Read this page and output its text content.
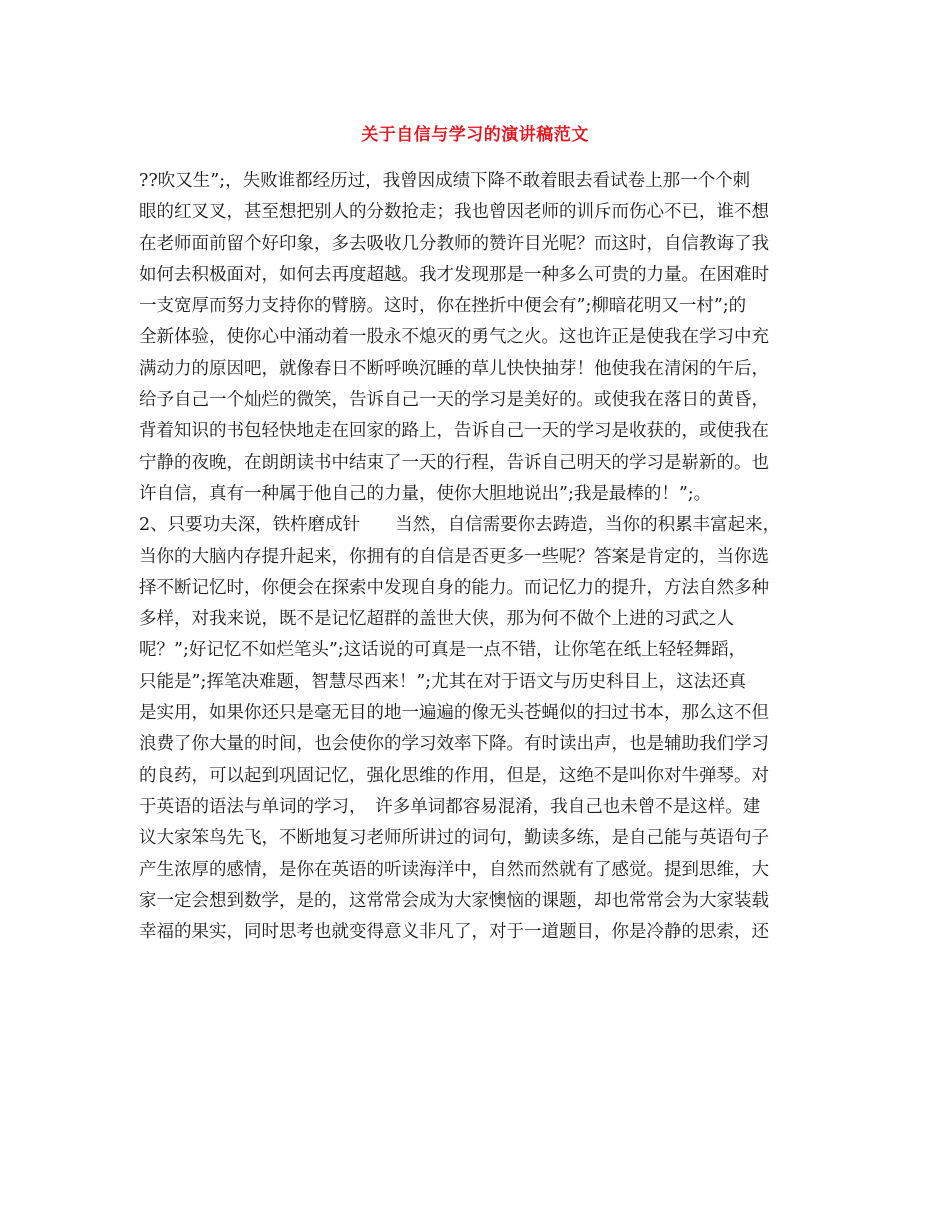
关于自信与学习的演讲稿范文
??吹又生”;，失败谁都经历过，我曾因成绩下降不敢着眼去看试卷上那一个个刺
眼的红叉叉，甚至想把别人的分数抢走；我也曾因老师的训斥而伤心不已，谁不想
在老师面前留个好印象，多去吸收几分教师的赞许目光呢？而这时，自信教诲了我
如何去积极面对，如何去再度超越。我才发现那是一种多么可贵的力量。在困难时
一支宽厚而努力支持你的臂膀。这时，你在挫折中便会有”;柳暗花明又一村”;的
全新体验，使你心中涌动着一股永不熄灭的勇气之火。这也许正是使我在学习中充
满动力的原因吧，就像春日不断呼唤沉睡的草儿快快抽芽！他使我在清闲的午后，
给予自己一个灿烂的微笑，告诉自己一天的学习是美好的。或使我在落日的黄昏，
背着知识的书包轻快地走在回家的路上，告诉自己一天的学习是收获的，或使我在
宁静的夜晚，在朗朗读书中结束了一天的行程，告诉自己明天的学习是崭新的。也
许自信，真有一种属于他自己的力量，使你大胆地说出”;我是最棒的！”;。
2、只要功夫深，铁杵磨成针　　当然，自信需要你去踌造，当你的积累丰富起来，
当你的大脑内存提升起来，你拥有的自信是否更多一些呢？答案是肯定的，当你选
择不断记忆时，你便会在探索中发现自身的能力。而记忆力的提升，方法自然多种
多样，对我来说，既不是记忆超群的盖世大侠，那为何不做个上进的习武之人
呢？”;好记忆不如烂笔头”;这话说的可真是一点不错，让你笔在纸上轻轻舞蹈，
只能是”;挥笔决难题，智慧尽西来！”;尤其在对于语文与历史科目上，这法还真
是实用，如果你还只是毫无目的地一遍遍的像无头苍蝇似的扫过书本，那么这不但
浪费了你大量的时间，也会使你的学习效率下降。有时读出声，也是辅助我们学习
的良药，可以起到巩固记忆，强化思维的作用，但是，这绝不是叫你对牛弹琴。对
于英语的语法与单词的学习，　许多单词都容易混淆，我自己也未曾不是这样。建
议大家笨鸟先飞，不断地复习老师所讲过的词句，勤读多练，是自己能与英语句子
产生浓厚的感情，是你在英语的听读海洋中，自然而然就有了感觉。提到思维，大
家一定会想到数学，是的，这常常会成为大家懊恼的课题，却也常常会为大家装载
幸福的果实，同时思考也就变得意义非凡了，对于一道题目，你是冷静的思索，还
